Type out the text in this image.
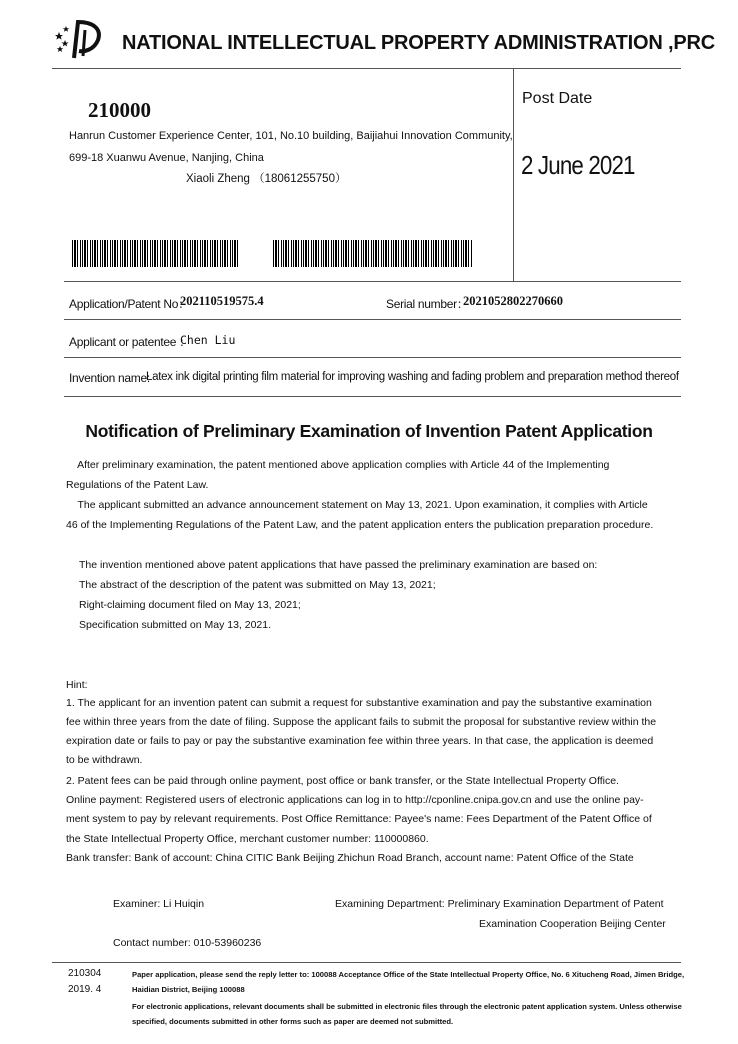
NATIONAL INTELLECTUAL PROPERTY ADMINISTRATION ,PRC
210000
Hanrun Customer Experience Center, 101, No.10 building, Baijiahui Innovation Community,
699-18 Xuanwu Avenue, Nanjing, China
Xiaoli Zheng （18061255750）
Post Date
2 June 2021
Application/Patent No：
202110519575.4	Serial number：
2021052802270660
Applicant or patentee ：
Chen Liu
Invention name:
Latex ink digital printing film material for improving washing and fading problem and preparation method thereof
Notification of Preliminary Examination of Invention Patent Application
After preliminary examination, the patent mentioned above application complies with Article 44 of the Implementing
Regulations of the Patent Law.
The applicant submitted an advance announcement statement on May 13, 2021. Upon examination, it complies with Article
46 of the Implementing Regulations of the Patent Law, and the patent application enters the publication preparation procedure.
The invention mentioned above patent applications that have passed the preliminary examination are based on:
The abstract of the description of the patent was submitted on May 13, 2021;
Right-claiming document filed on May 13, 2021;
Specification submitted on May 13, 2021.
Hint:
1. The applicant for an invention patent can submit a request for substantive examination and pay the substantive examination
fee within three years from the date of filing. Suppose the applicant fails to submit the proposal for substantive review within the
expiration date or fails to pay or pay the substantive examination fee within three years. In that case, the application is deemed
to be withdrawn.
2. Patent fees can be paid through online payment, post office or bank transfer, or the State Intellectual Property Office.
Online payment: Registered users of electronic applications can log in to http://cponline.cnipa.gov.cn and use the online pay-
ment system to pay by relevant requirements. Post Office Remittance: Payee's name: Fees Department of the Patent Office of
the State Intellectual Property Office, merchant customer number: 110000860.
Bank transfer: Bank of account: China CITIC Bank Beijing Zhichun Road Branch, account name: Patent Office of the State
Examiner: Li Huiqin	Examining Department: Preliminary Examination Department of Patent
Examination Cooperation Beijing Center
Contact number: 010-53960236
210304
2019. 4
Paper application, please send the reply letter to: 100088 Acceptance Office of the State Intellectual Property Office, No. 6 Xitucheng Road, Jimen Bridge,
Haidian District, Beijing 100088
For electronic applications, relevant documents shall be submitted in electronic files through the electronic patent application system. Unless otherwise
specified, documents submitted in other forms such as paper are deemed not submitted.
